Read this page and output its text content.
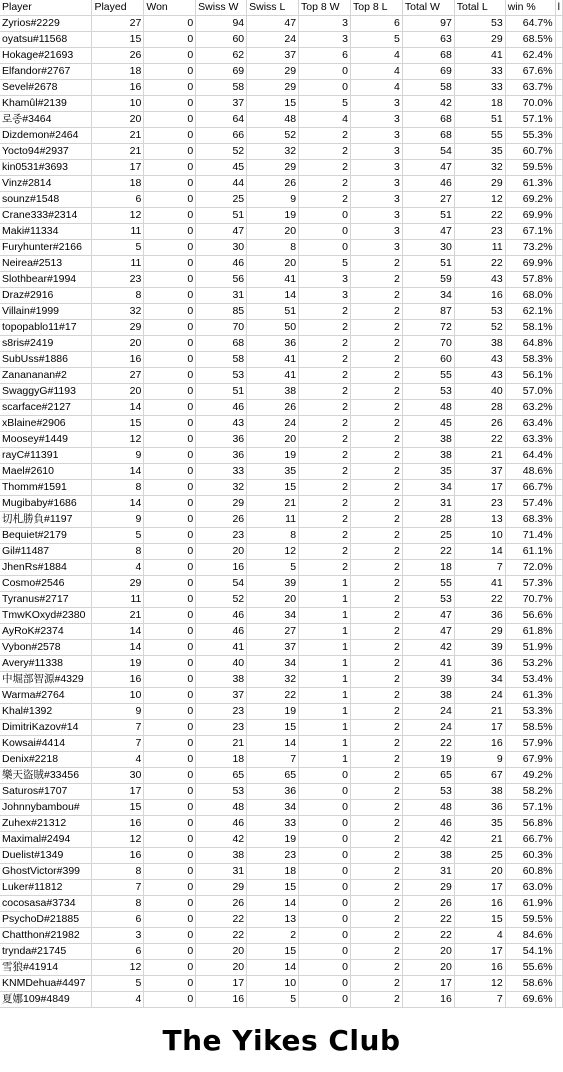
Player	Played	Won	Swiss W	Swiss L	Top 8 W	Top 8 L	Total W	Total L	win %	l
Zyrios#2229	27	0	94	47	3	6	97	53	64.7%	
oyatsu#11568	15	0	60	24	3	5	63	29	68.5%	
Hokage#21693	26	0	62	37	6	4	68	41	62.4%	
Elfandor#2767	18	0	69	29	0	4	69	33	67.6%	
Sevel#2678	16	0	58	29	0	4	58	33	63.7%	
Khamûl#2139	10	0	37	15	5	3	42	18	70.0%	
로종#3464	20	0	64	48	4	3	68	51	57.1%	
Dizdemon#2464	21	0	66	52	2	3	68	55	55.3%	
Yocto94#2937	21	0	52	32	2	3	54	35	60.7%	
kin0531#3693	17	0	45	29	2	3	47	32	59.5%	
Vinz#2814	18	0	44	26	2	3	46	29	61.3%	
sounz#1548	6	0	25	9	2	3	27	12	69.2%	
Crane333#2314	12	0	51	19	0	3	51	22	69.9%	
Maki#11334	11	0	47	20	0	3	47	23	67.1%	
Furyhunter#2166	5	0	30	8	0	3	30	11	73.2%	
Neirea#2513	11	0	46	20	5	2	51	22	69.9%	
Slothbear#1994	23	0	56	41	3	2	59	43	57.8%	
Draz#2916	8	0	31	14	3	2	34	16	68.0%	
Villain#1999	32	0	85	51	2	2	87	53	62.1%	
topopablo11#17	29	0	70	50	2	2	72	52	58.1%	
s8ris#2419	20	0	68	36	2	2	70	38	64.8%	
SubUss#1886	16	0	58	41	2	2	60	43	58.3%	
Zanananan#2	27	0	53	41	2	2	55	43	56.1%	
SwaggyG#1193	20	0	51	38	2	2	53	40	57.0%	
scarface#2127	14	0	46	26	2	2	48	28	63.2%	
xBlaine#2906	15	0	43	24	2	2	45	26	63.4%	
Moosey#1449	12	0	36	20	2	2	38	22	63.3%	
rayC#11391	9	0	36	19	2	2	38	21	64.4%	
Mael#2610	14	0	33	35	2	2	35	37	48.6%	
Thomm#1591	8	0	32	15	2	2	34	17	66.7%	
Mugibaby#1686	14	0	29	21	2	2	31	23	57.4%	
切札勝負#1197	9	0	26	11	2	2	28	13	68.3%	
Bequiet#2179	5	0	23	8	2	2	25	10	71.4%	
Gil#11487	8	0	20	12	2	2	22	14	61.1%	
JhenRs#1884	4	0	16	5	2	2	18	7	72.0%	
Cosmo#2546	29	0	54	39	1	2	55	41	57.3%	
Tyranus#2717	11	0	52	20	1	2	53	22	70.7%	
TmwKOxyd#2380	21	0	46	34	1	2	47	36	56.6%	
AyRoK#2374	14	0	46	27	1	2	47	29	61.8%	
Vybon#2578	14	0	41	37	1	2	42	39	51.9%	
Avery#11338	19	0	40	34	1	2	41	36	53.2%	
中堀部智源#4329	16	0	38	32	1	2	39	34	53.4%	
Warma#2764	10	0	37	22	1	2	38	24	61.3%	
Khal#1392	9	0	23	19	1	2	24	21	53.3%	
DimitriKazov#14	7	0	23	15	1	2	24	17	58.5%	
Kowsai#4414	7	0	21	14	1	2	22	16	57.9%	
Denix#2218	4	0	18	7	1	2	19	9	67.9%	
樂天盜賊#33456	30	0	65	65	0	2	65	67	49.2%	
Saturos#1707	17	0	53	36	0	2	53	38	58.2%	
Johnnybambou#	15	0	48	34	0	2	48	36	57.1%	
Zuhex#21312	16	0	46	33	0	2	46	35	56.8%	
Maximal#2494	12	0	42	19	0	2	42	21	66.7%	
Duelist#1349	16	0	38	23	0	2	38	25	60.3%	
GhostVictor#399	8	0	31	18	0	2	31	20	60.8%	
Luker#11812	7	0	29	15	0	2	29	17	63.0%	
cocosasa#3734	8	0	26	14	0	2	26	16	61.9%	
PsychoD#21885	6	0	22	13	0	2	22	15	59.5%	
Chatthon#21982	3	0	22	2	0	2	22	4	84.6%	
trynda#21745	6	0	20	15	0	2	20	17	54.1%	
雪狼#41914	12	0	20	14	0	2	20	16	55.6%	
KNMDehua#4497	5	0	17	10	0	2	17	12	58.6%	
夏娜109#4849	4	0	16	5	0	2	16	7	69.6%	
The Yikes Club
